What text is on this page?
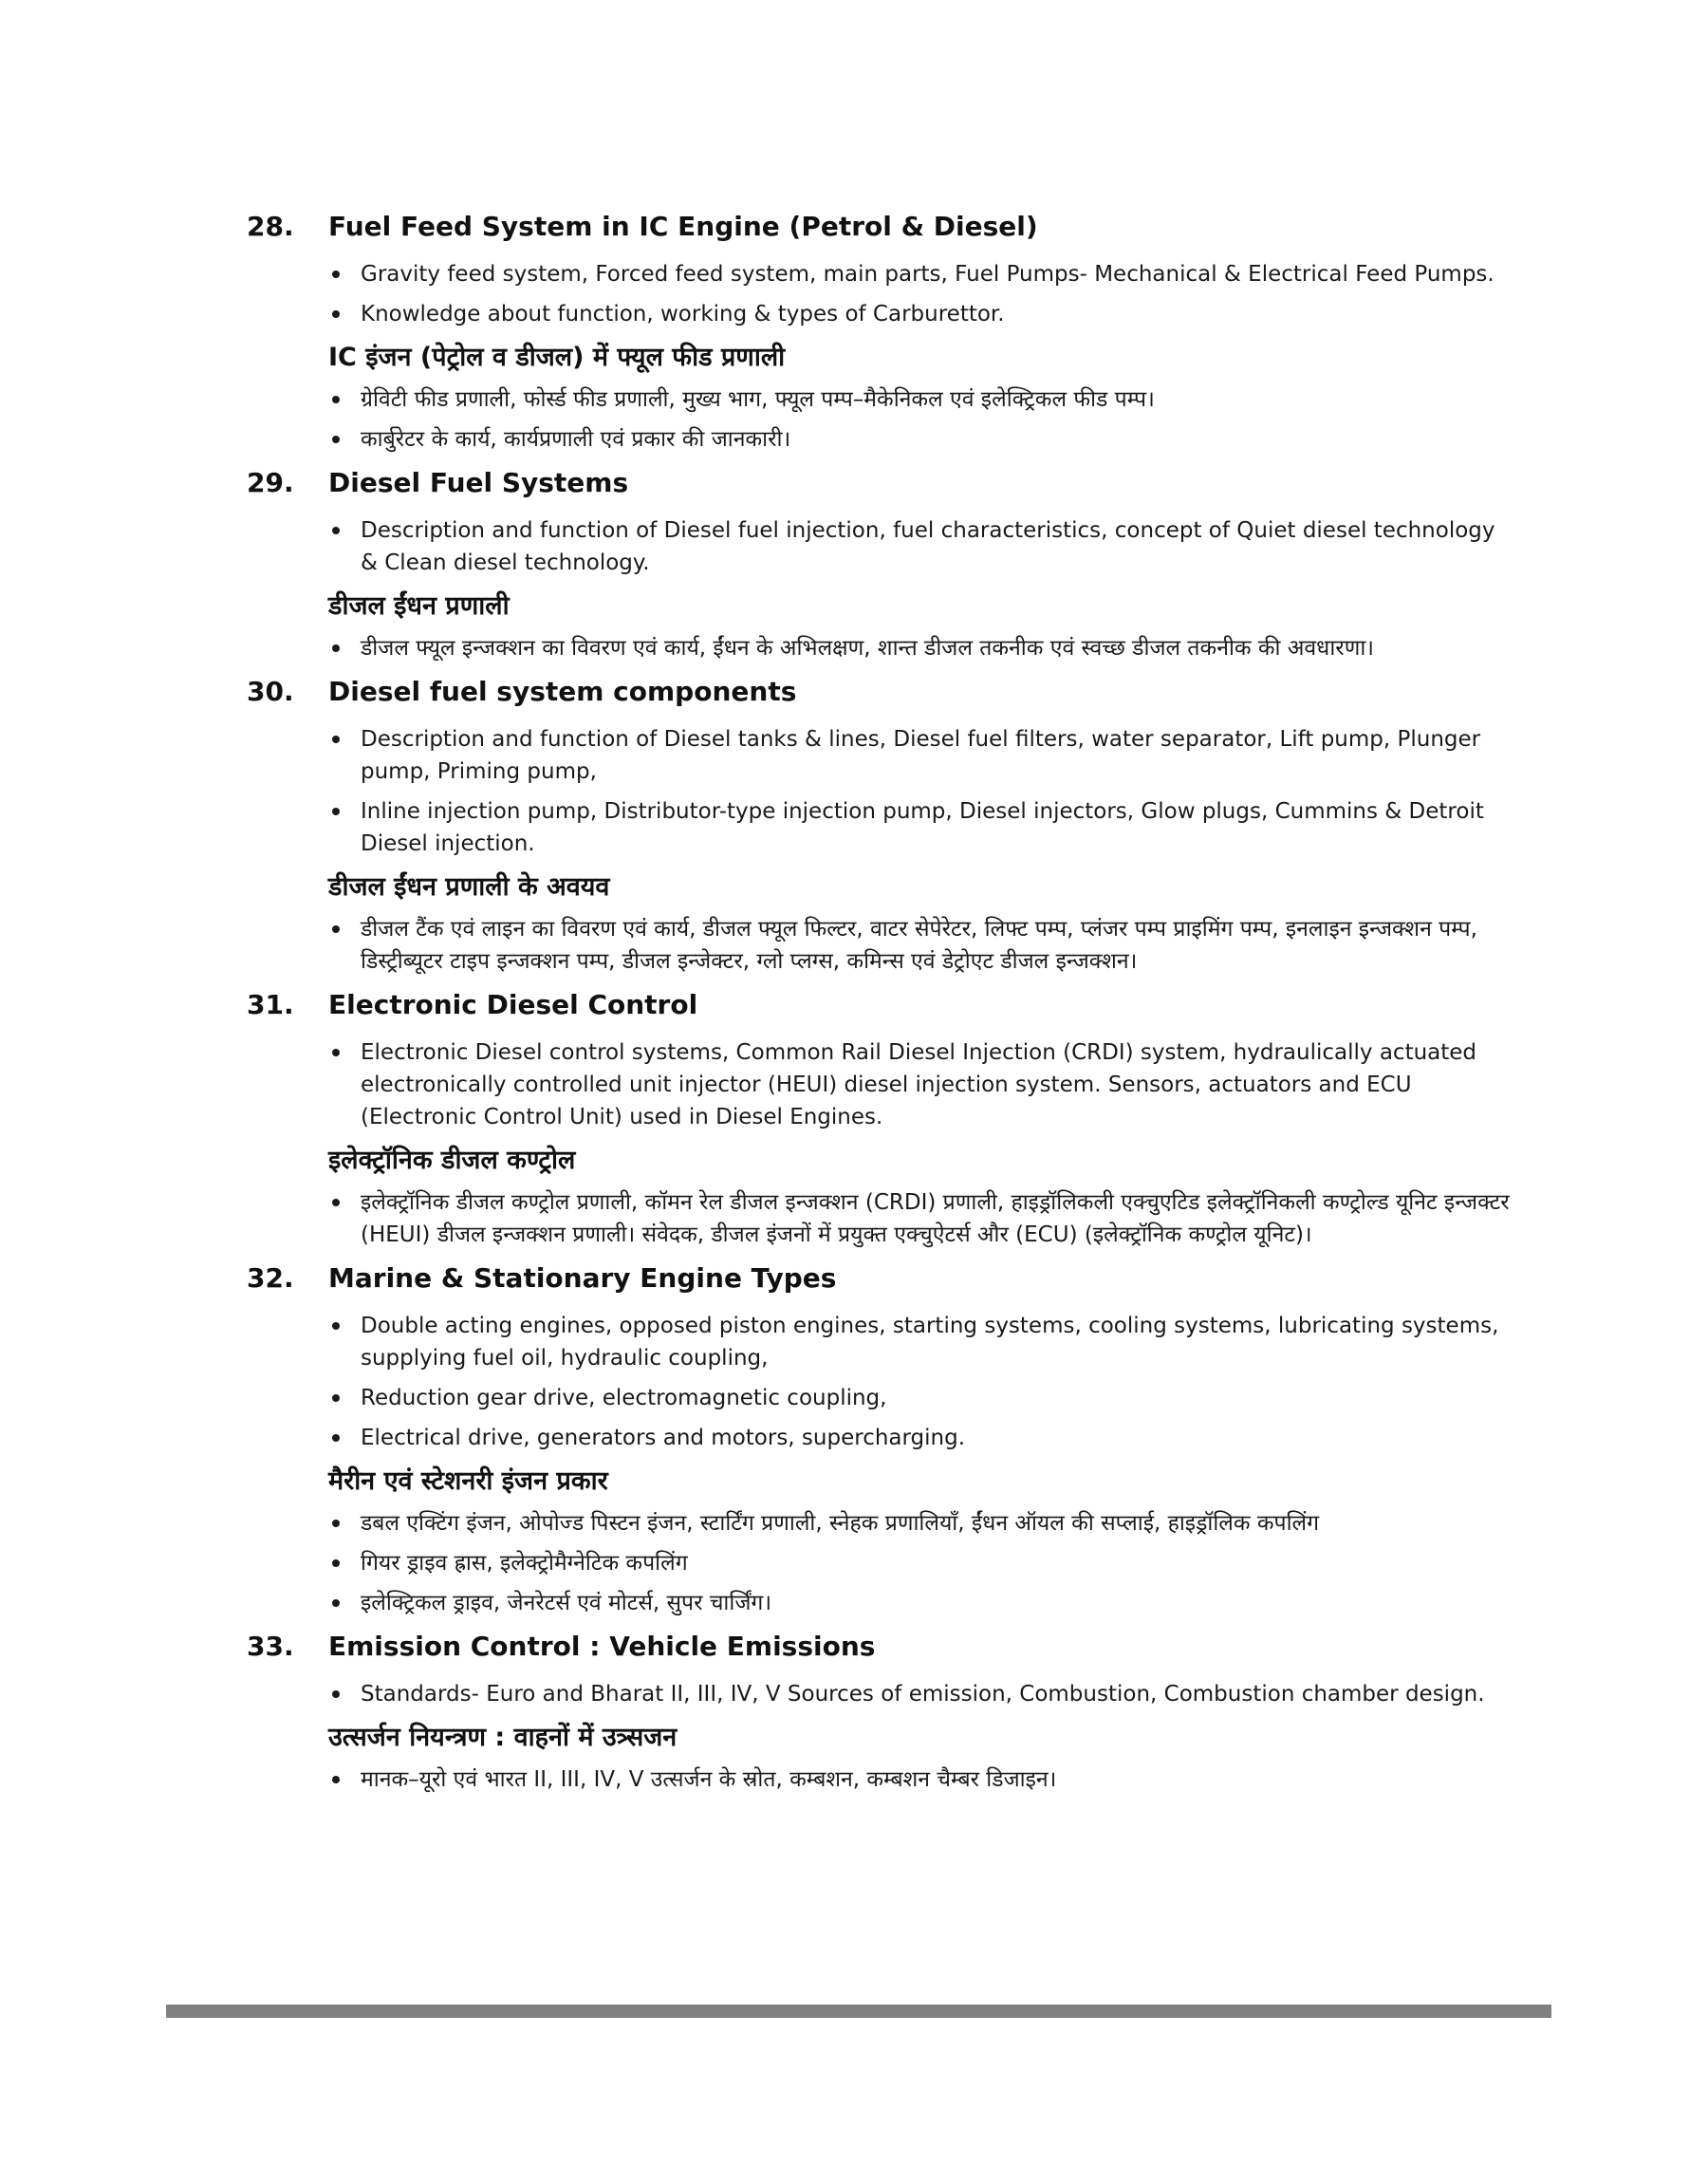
28.	Fuel Feed System in IC Engine (Petrol & Diesel)
Gravity feed system, Forced feed system, main parts, Fuel Pumps- Mechanical & Electrical Feed Pumps.
Knowledge about function, working & types of Carburettor.
IC इंजन (पेट्रोल व डीजल) में फ्यूल फीड प्रणाली
ग्रेविटी फीड प्रणाली, फोर्स्ड फीड प्रणाली, मुख्य भाग, फ्यूल पम्प–मैकेनिकल एवं इलेक्ट्रिकल फीड पम्प।
कार्बुरेटर के कार्य, कार्यप्रणाली एवं प्रकार की जानकारी।
29.	Diesel Fuel Systems
Description and function of Diesel fuel injection, fuel characteristics, concept of Quiet diesel technology & Clean diesel technology.
डीजल ईंधन प्रणाली
डीजल फ्यूल इन्जक्शन का विवरण एवं कार्य, ईंधन के अभिलक्षण, शान्त डीजल तकनीक एवं स्वच्छ डीजल तकनीक की अवधारणा।
30.	Diesel fuel system components
Description and function of Diesel tanks & lines, Diesel fuel filters, water separator, Lift pump, Plunger pump, Priming pump,
Inline injection pump, Distributor-type injection pump, Diesel injectors, Glow plugs, Cummins & Detroit Diesel injection.
डीजल ईंधन प्रणाली के अवयव
डीजल टैंक एवं लाइन का विवरण एवं कार्य, डीजल फ्यूल फिल्टर, वाटर सेपेरेटर, लिफ्ट पम्प, प्लंजर पम्प प्राइमिंग पम्प, इनलाइन इन्जक्शन पम्प, डिस्ट्रीब्यूटर टाइप इन्जक्शन पम्प, डीजल इन्जेक्टर, ग्लो प्लग्स, कमिन्स एवं डेट्रोएट डीजल इन्जक्शन।
31.	Electronic Diesel Control
Electronic Diesel control systems, Common Rail Diesel Injection (CRDI) system, hydraulically actuated electronically controlled unit injector (HEUI) diesel injection system. Sensors, actuators and ECU (Electronic Control Unit) used in Diesel Engines.
इलेक्ट्रॉनिक डीजल कण्ट्रोल
इलेक्ट्रॉनिक डीजल कण्ट्रोल प्रणाली, कॉमन रेल डीजल इन्जक्शन (CRDI) प्रणाली, हाइड्रॉलिकली एक्चुएटिड इलेक्ट्रॉनिकली कण्ट्रोल्ड यूनिट इन्जक्टर (HEUI) डीजल इन्जक्शन प्रणाली। संवेदक, डीजल इंजनों में प्रयुक्त एक्चुऐटर्स और (ECU) (इलेक्ट्रॉनिक कण्ट्रोल यूनिट)।
32.	Marine & Stationary Engine Types
Double acting engines, opposed piston engines, starting systems, cooling systems, lubricating systems, supplying fuel oil, hydraulic coupling,
Reduction gear drive, electromagnetic coupling,
Electrical drive, generators and motors, supercharging.
मैरीन एवं स्टेशनरी इंजन प्रकार
डबल एक्टिंग इंजन, ओपोज्ड पिस्टन इंजन, स्टार्टिंग प्रणाली, स्नेहक प्रणालियाँ, ईंधन ऑयल की सप्लाई, हाइड्रॉलिक कपलिंग
गियर ड्राइव ह्रास, इलेक्ट्रोमैग्नेटिक कपलिंग
इलेक्ट्रिकल ड्राइव, जेनरेटर्स एवं मोटर्स, सुपर चार्जिंग।
33.	Emission Control : Vehicle Emissions
Standards- Euro and Bharat II, III, IV, V Sources of emission, Combustion, Combustion chamber design.
उत्सर्जन नियन्त्रण : वाहनों में उत्र्सजन
मानक–यूरो एवं भारत II, III, IV, V उत्सर्जन के स्रोत, कम्बशन, कम्बशन चैम्बर डिजाइन।
